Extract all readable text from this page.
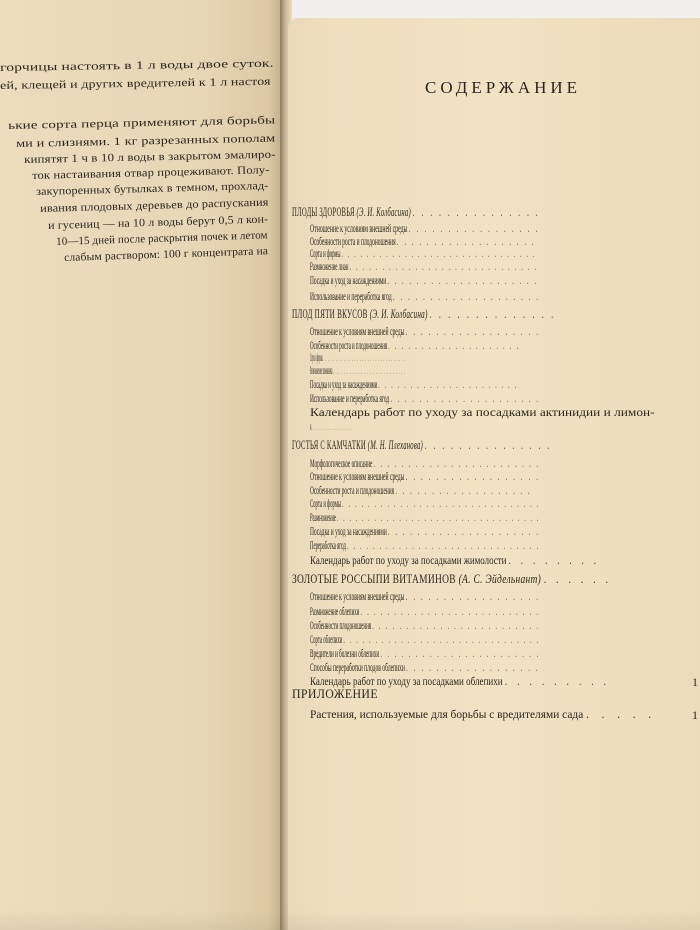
горчицы настоять в 1 л воды двое суток.
ей, клещей и других вредителей к 1 л настоя
ькие сорта перца применяют для борьбы
ми и слизнями. 1 кг разрезанных пополам
кипятят 1 ч в 10 л воды в закрытом эмалиро-
ток настаивания отвар процеживают. Полу-
закупоренных бутылках в темном, прохлад-
ивания плодовых деревьев до распускания
и гусениц — на 10 л воды берут 0,5 л кон-
10—15 дней после раскрытия почек и летом
слабым раствором: 100 г концентрата на
СОДЕРЖАНИЕ
ПЛОДЫ ЗДОРОВЬЯ (Э. И. Колбасина) . . . . . . . . . . . . . . .
Отношение к условиям внешней среды . . . . . . . . . . . . . . . . .
Особенности роста и плодоношения . . . . . . . . . . . . . . . . . . .
Сорта и формы . . . . . . . . . . . . . . . . . . . . . . . . . . . . . . .
Размножение лиан . . . . . . . . . . . . . . . . . . . . . . . . . . . . .
Посадка и уход за насаждениями . . . . . . . . . . . . . . . . . . . . .
Использование и переработка ягод . . . . . . . . . . . . . . . . . . . .
ПЛОД ПЯТИ ВКУСОВ (Э. И. Колбасина) . . . . . . . . . . . . . .
Отношение к условиям внешней среды . . . . . . . . . . . . . . . . . .
Особенности роста и плодоношения . . . . . . . . . . . . . . . . . . . .
Сорта и формы . . . . . . . . . . . . . . . . . . . . . . . . . . . . . . . .
Размножение лимонника . . . . . . . . . . . . . . . . . . . . . . . . . .
Посадка и уход за насаждениями . . . . . . . . . . . . . . . . . . . . . .
Использование и переработка ягод . . . . . . . . . . . . . . . . . . . . .
Календарь работ по уходу за посадками актинидии и лимон-
ника . . . . . . . . . . . . . . . . . . . . . . . . . . . . . . . . . . . . . . . . . .
ГОСТЬЯ С КАМЧАТКИ (М. Н. Плеханова) . . . . . . . . . . . . . . .
Морфологическое описание . . . . . . . . . . . . . . . . . . . . . . . .
Отношение к условиям внешней среды . . . . . . . . . . . . . . . . . .
Особенности роста и плодоношения . . . . . . . . . . . . . . . . . . .
Сорта и формы . . . . . . . . . . . . . . . . . . . . . . . . . . . . . . .
Размножение . . . . . . . . . . . . . . . . . . . . . . . . . . . . . . . . .
Посадка и уход за насаждениями . . . . . . . . . . . . . . . . . . . . .
Переработка ягод . . . . . . . . . . . . . . . . . . . . . . . . . . . . . .
Календарь работ по уходу за посадками жимолости . . . . . . . .
ЗОЛОТЫЕ РОССЫПИ ВИТАМИНОВ (А. С. Эйдельнант) . . . . . .
Отношение к условиям внешней среды . . . . . . . . . . . . . . . . . .
Размножение облепихи . . . . . . . . . . . . . . . . . . . . . . . . . . .
Особенности плодоношения . . . . . . . . . . . . . . . . . . . . . . . . .
Сорта облепихи . . . . . . . . . . . . . . . . . . . . . . . . . . . . . . .
Вредители и болезни облепихи . . . . . . . . . . . . . . . . . . . . . . .
Способы переработки плодов облепихи . . . . . . . . . . . . . . . . . .
Календарь работ по уходу за посадками облепихи . . . . . . . . .	1
ПРИЛОЖЕНИЕ
Растения, используемые для борьбы с вредителями сада . . . . .	1
